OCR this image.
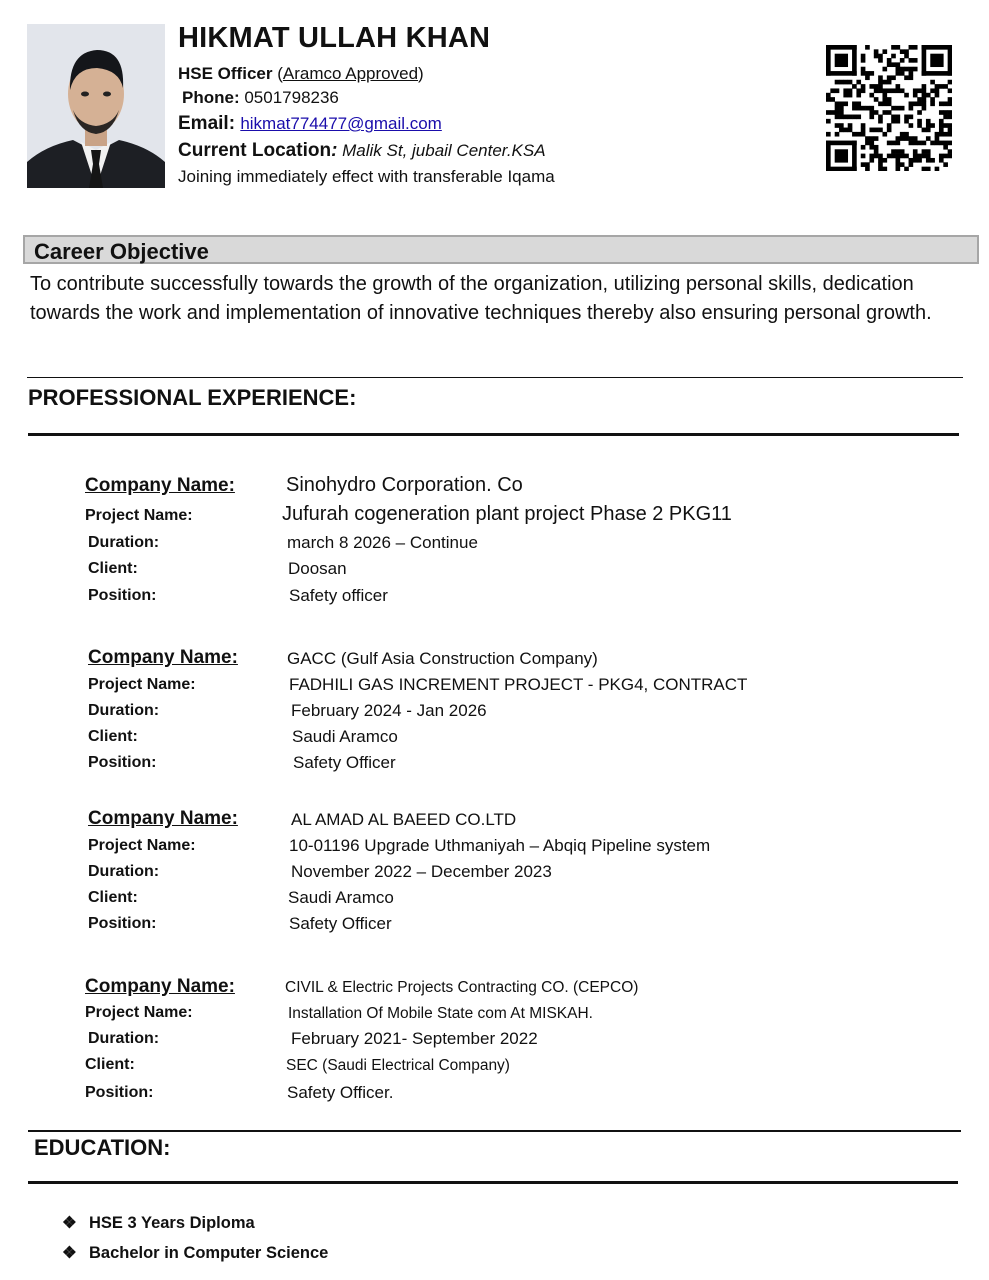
HIKMAT ULLAH KHAN
HSE Officer (Aramco Approved)
Phone: 0501798236
Email: hikmat774477@gmail.com
Current Location: Malik St, jubail Center.KSA
Joining immediately effect with transferable Iqama
Career Objective
To contribute successfully towards the growth of the organization, utilizing personal skills, dedication towards the work and implementation of innovative techniques thereby also ensuring personal growth.
PROFESSIONAL EXPERIENCE:
Company Name:	Sinohydro Corporation. Co
Project Name:	Jufurah cogeneration plant project Phase 2 PKG11
Duration:	march 8 2026 – Continue
Client:	Doosan
Position:	Safety officer
Company Name:	GACC (Gulf Asia Construction Company)
Project Name:	FADHILI GAS INCREMENT PROJECT - PKG4, CONTRACT
Duration:	February 2024 - Jan 2026
Client:	Saudi Aramco
Position:	Safety Officer
Company Name:	AL AMAD AL BAEED CO.LTD
Project Name:	10-01196 Upgrade Uthmaniyah – Abqiq Pipeline system
Duration:	November 2022 – December 2023
Client:	Saudi Aramco
Position:	Safety Officer
Company Name:	CIVIL & Electric Projects Contracting CO. (CEPCO)
Project Name:	Installation Of Mobile State com At MISKAH.
Duration:	February 2021- September 2022
Client:	SEC (Saudi Electrical Company)
Position:	Safety Officer.
EDUCATION:
❖ HSE 3 Years Diploma
❖ Bachelor in Computer Science
